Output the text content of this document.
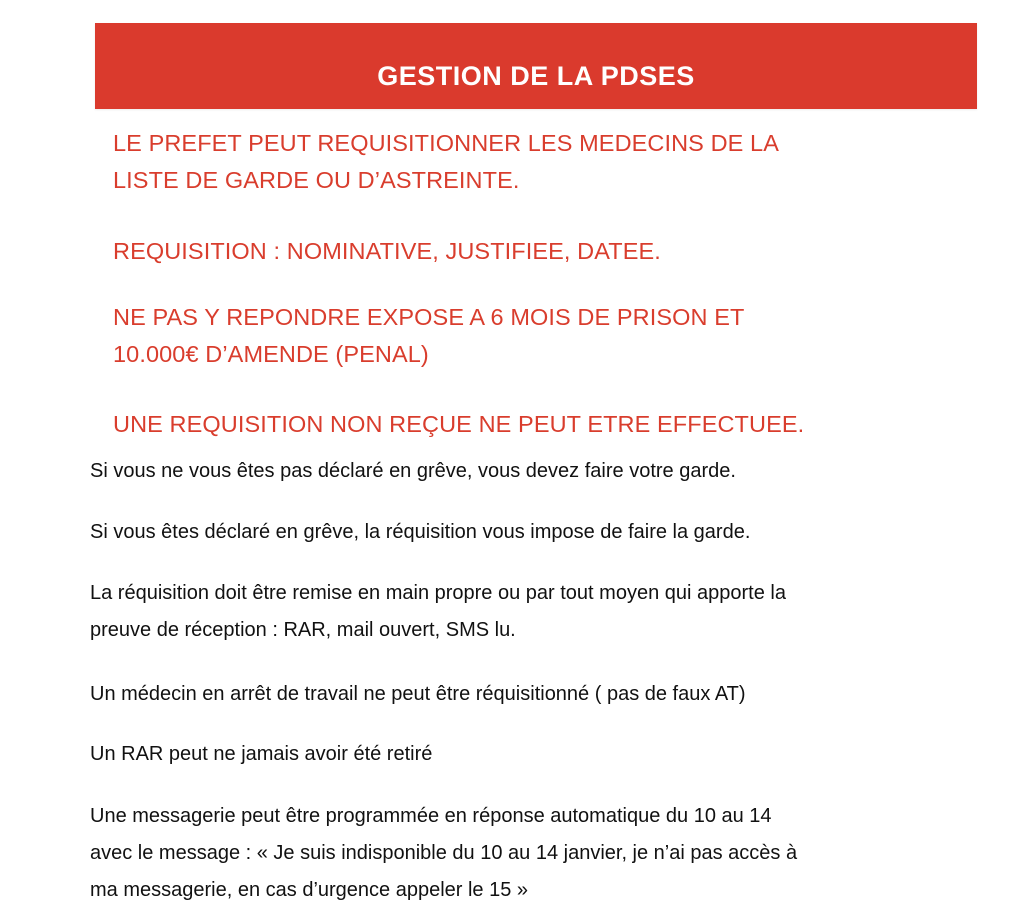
GESTION DE LA PDSES
LE PREFET PEUT REQUISITIONNER LES MEDECINS DE LA
LISTE DE GARDE OU D’ASTREINTE.
REQUISITION : NOMINATIVE, JUSTIFIEE, DATEE.
NE PAS Y REPONDRE EXPOSE A 6 MOIS DE PRISON ET
10.000€ D’AMENDE (PENAL)
UNE REQUISITION NON REÇUE NE PEUT ETRE EFFECTUEE.
Si vous ne vous êtes pas déclaré en grêve, vous devez faire votre garde.
Si vous êtes déclaré en grêve, la réquisition vous impose de faire la garde.
La réquisition doit être remise en main propre ou par tout moyen qui apporte la
preuve de réception : RAR, mail ouvert, SMS lu.
Un médecin en arrêt de travail ne peut être réquisitionné ( pas de faux AT)
Un RAR peut ne jamais avoir été retiré
Une messagerie peut être programmée en réponse automatique du 10 au 14
avec le message : « Je suis indisponible du 10 au 14 janvier, je n’ai pas accès à
ma messagerie, en cas d’urgence appeler le 15 »
